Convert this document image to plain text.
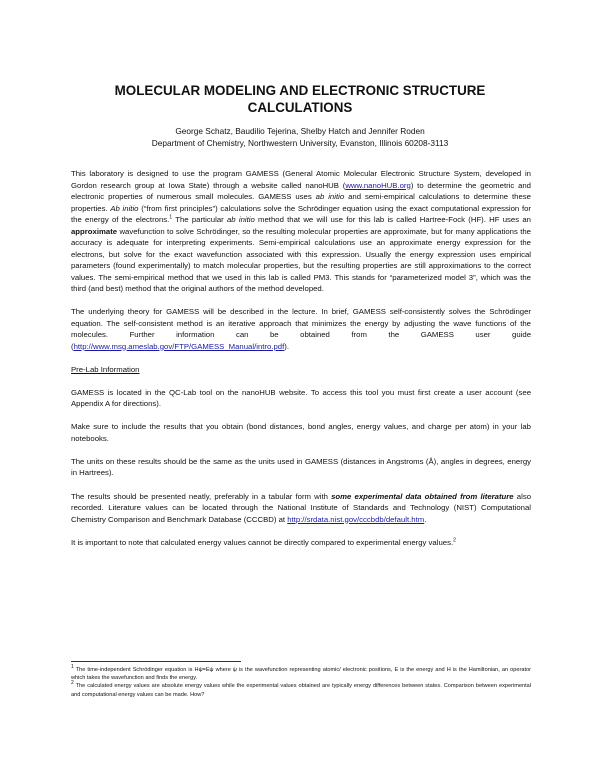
MOLECULAR MODELING AND ELECTRONIC STRUCTURE
CALCULATIONS
George Schatz, Baudilio Tejerina, Shelby Hatch and Jennifer Roden
Department of Chemistry, Northwestern University, Evanston, Illinois 60208-3113

This laboratory is designed to use the program GAMESS (General Atomic Molecular Electronic Structure System, developed in Gordon research group at Iowa State) through a website called nanoHUB (www.nanoHUB.org) to determine the geometric and electronic properties of numerous small molecules. GAMESS uses ab initio and semi-empirical calculations to determine these properties. Ab initio (“from first principles”) calculations solve the Schrödinger equation using the exact computational expression for the energy of the electrons.$^1$ The particular ab initio method that we will use for this lab is called Hartree-Fock (HF). HF uses an approximate wavefunction to solve Schrödinger, so the resulting molecular properties are approximate, but for many applications the accuracy is adequate for interpreting experiments. Semi-empirical calculations use an approximate energy expression for the electrons, but solve for the exact wavefunction associated with this expression. Usually the energy expression uses empirical parameters (found experimentally) to match molecular properties, but the resulting properties are still approximations to the correct values. The semi-empirical method that we used in this lab is called PM3. This stands for “parameterized model 3”, which was the third (and best) method that the original authors of the method developed.

The underlying theory for GAMESS will be described in the lecture. In brief, GAMESS self-consistently solves the Schrödinger equation. The self-consistent method is an iterative approach that minimizes the energy by adjusting the wave functions of the molecules. Further information can be obtained from the GAMESS user guide (http://www.msg.ameslab.gov/FTP/GAMESS_Manual/intro.pdf).

Pre-Lab Information

GAMESS is located in the QC-Lab tool on the nanoHUB website. To access this tool you must first create a user account (see Appendix A for directions).

Make sure to include the results that you obtain (bond distances, bond angles, energy values, and charge per atom) in your lab notebooks.

The units on these results should be the same as the units used in GAMESS (distances in Angstroms (Å), angles in degrees, energy in Hartrees).

The results should be presented neatly, preferably in a tabular form with some experimental data obtained from literature also recorded. Literature values can be located through the National Institute of Standards and Technology (NIST) Computational Chemistry Comparison and Benchmark Database (CCCBD) at http://srdata.nist.gov/cccbdb/default.htm.

It is important to note that calculated energy values cannot be directly compared to experimental energy values.$^2$

$^1$ The time-independent Schrödinger equation is Hψ=Eψ where ψ is the wavefunction representing atomic/ electronic positions, E is the energy and H is the Hamiltonian, an operator which takes the wavefunction and finds the energy.

$^2$ The calculated energy values are absolute energy values while the experimental values obtained are typically energy differences between states. Comparison between experimental and computational energy values can be made. How?
